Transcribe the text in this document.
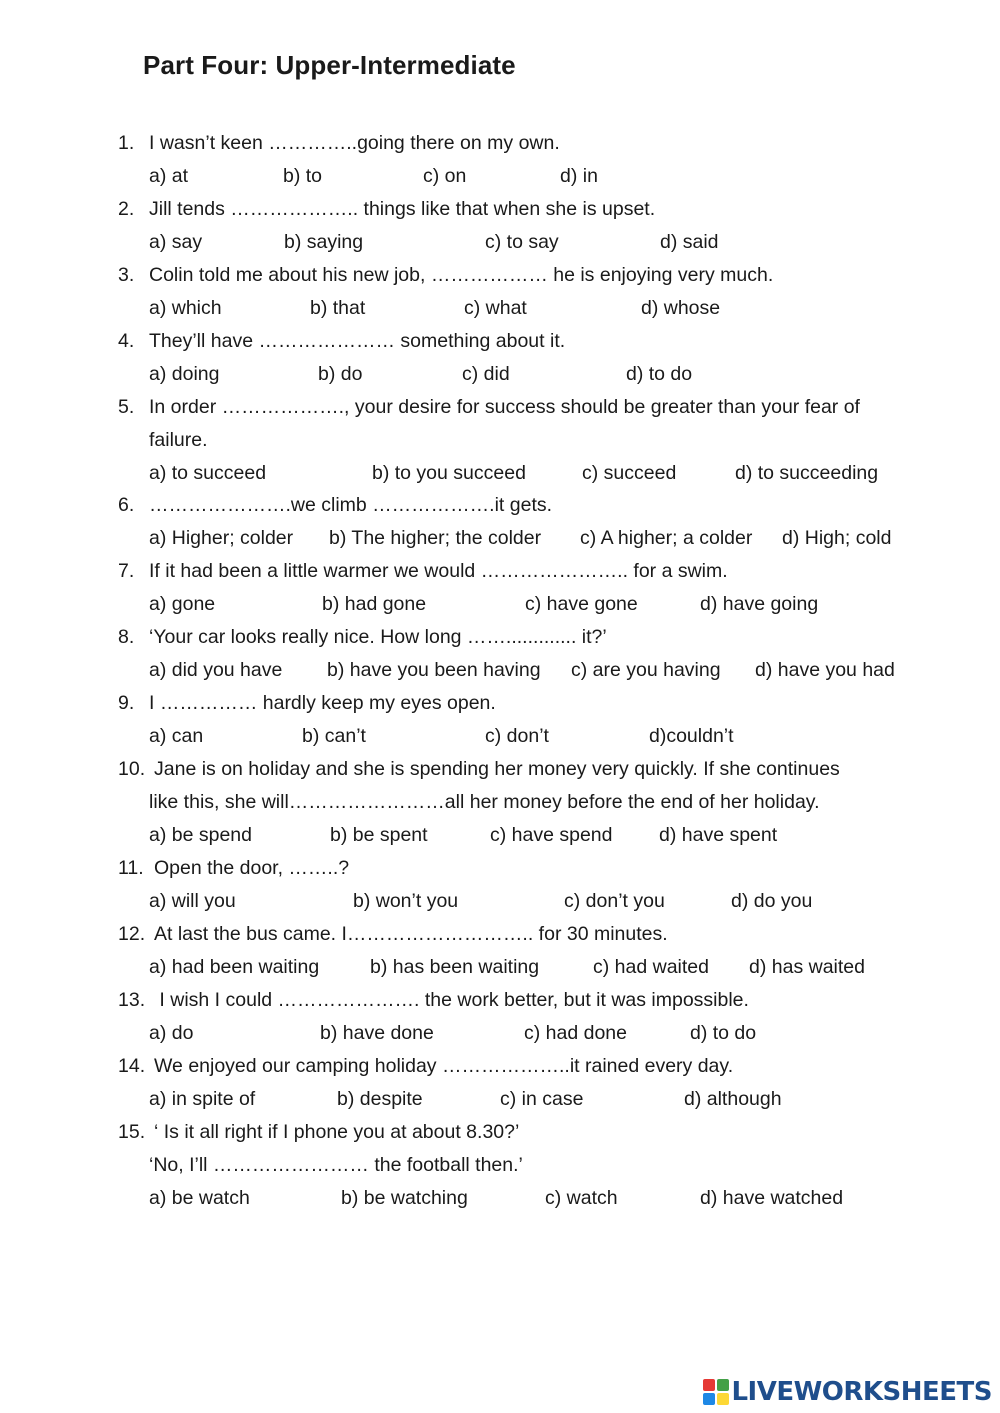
Part Four: Upper-Intermediate
1. I wasn’t keen …………..going there on my own.
a) at	b) to	c) on	d) in
2. Jill tends ……………….. things like that when she is upset.
a) say	b) saying	c) to say	d) said
3. Colin told me about his new job, ……………… he is enjoying very much.
a) which	b) that	c) what	d) whose
4. They’ll have ………………… something about it.
a) doing	b) do	c) did	d) to do
5. In order ………………., your desire for success should be greater than your fear of
failure.
a) to succeed	b) to you succeed	c) succeed	d) to succeeding
6. ………………….we climb ……………….it gets.
a) Higher; colder b) The higher; the colder c) A higher; a colder d) High; cold
7. If it had been a little warmer we would ………………….. for a swim.
a) gone	b) had gone	c) have gone	d) have going
8. ‘Your car looks really nice. How long ……............. it?’
a) did you have b) have you been having c) are you having d) have you had
9. I …………… hardly keep my eyes open.
a) can	b) can’t	c) don’t	d)couldn’t
10. Jane is on holiday and she is spending her money very quickly. If she continues
like this, she will……………………all her money before the end of her holiday.
a) be spend	b) be spent	c) have spend d) have spent
11. Open the door, ……..?
a) will you	b) won’t you	c) don’t you	d) do you
12. At last the bus came. I……………………….. for 30 minutes.
a) had been waiting	b) has been waiting	c) had waited d) has waited
13. I wish I could …………………. the work better, but it was impossible.
a) do	b) have done	c) had done	d) to do
14. We enjoyed our camping holiday ………………..it rained every day.
a) in spite of	b) despite	c) in case	d) although
15. ‘ Is it all right if I phone you at about 8.30?’
‘No, I’ll …………………… the football then.’
a) be watch	b) be watching	c) watch	d) have watched
LIVEWORKSHEETS
